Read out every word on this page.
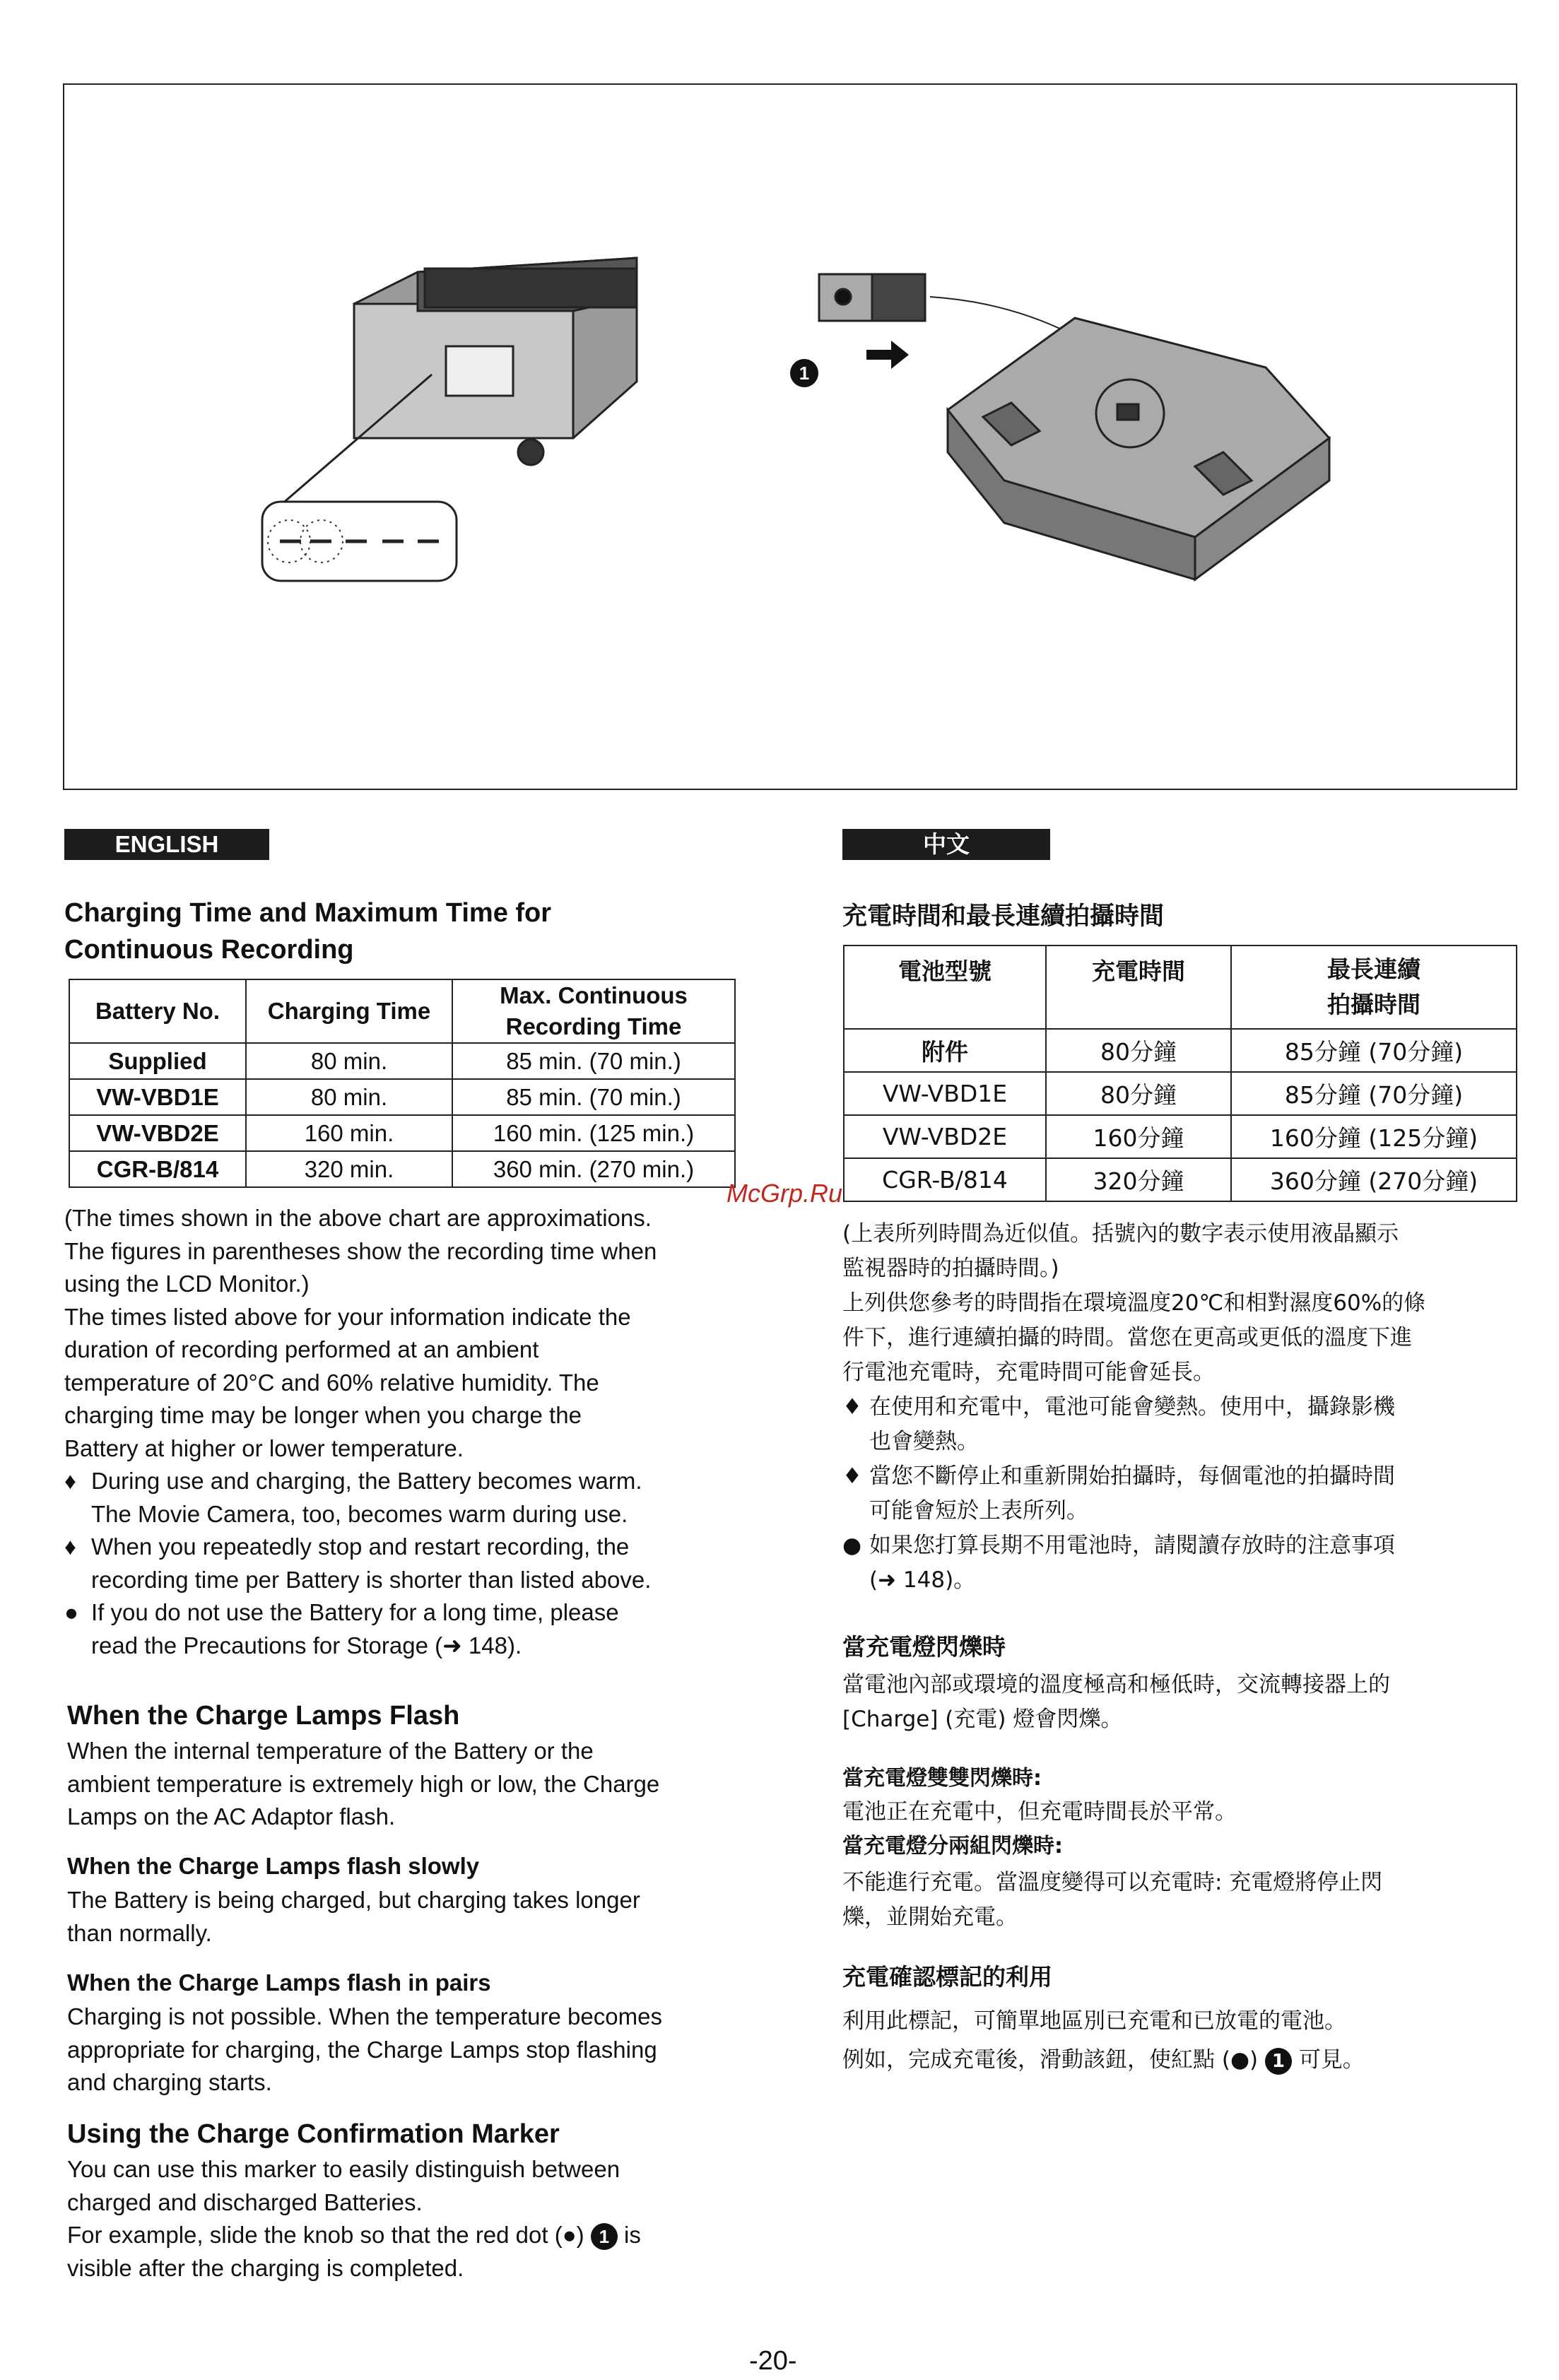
1
ENGLISH	中文
Charging Time and Maximum Time for
Continuous Recording
Battery No.	Charging Time	Max. Continuous
Recording Time

Supplied	80 min.	85 min. (70 min.)
VW-VBD1E	80 min.	85 min. (70 min.)
VW-VBD2E	160 min.	160 min. (125 min.)
CGR-B/814	320 min.	360 min. (270 min.)
McGrp.Ru
(The times shown in the above chart are approximations.
The figures in parentheses show the recording time when
using the LCD Monitor.)
The times listed above for your information indicate the
duration of recording performed at an ambient
temperature of 20°C and 60% relative humidity. The
charging time may be longer when you charge the
Battery at higher or lower temperature.
♦ During use and charging, the Battery becomes warm.
The Movie Camera, too, becomes warm during use.
♦ When you repeatedly stop and restart recording, the
recording time per Battery is shorter than listed above.
● If you do not use the Battery for a long time, please
read the Precautions for Storage (➜ 148).
When the Charge Lamps Flash
When the internal temperature of the Battery or the
ambient temperature is extremely high or low, the Charge
Lamps on the AC Adaptor flash.
When the Charge Lamps flash slowly
The Battery is being charged, but charging takes longer
than normally.
When the Charge Lamps flash in pairs
Charging is not possible. When the temperature becomes
appropriate for charging, the Charge Lamps stop flashing
and charging starts.
Using the Charge Confirmation Marker
You can use this marker to easily distinguish between
charged and discharged Batteries.
For example, slide the knob so that the red dot (●) 1 is
visible after the charging is completed.
充電時間和最長連續拍攝時間
電池型號	充電時間	最長連續
拍攝時間

附件	80分鐘	85分鐘 (70分鐘)
VW-VBD1E	80分鐘	85分鐘 (70分鐘)
VW-VBD2E	160分鐘	160分鐘 (125分鐘)
CGR-B/814	320分鐘	360分鐘 (270分鐘)
(上表所列時間為近似值。括號內的數字表示使用液晶顯示
監視器時的拍攝時間。)
上列供您參考的時間指在環境溫度20℃和相對濕度60%的條
件下，進行連續拍攝的時間。當您在更高或更低的溫度下進
行電池充電時，充電時間可能會延長。
♦ 在使用和充電中，電池可能會變熱。使用中，攝錄影機
也會變熱。
♦ 當您不斷停止和重新開始拍攝時，每個電池的拍攝時間
可能會短於上表所列。
● 如果您打算長期不用電池時，請閱讀存放時的注意事項
(➜ 148)。
當充電燈閃爍時
當電池內部或環境的溫度極高和極低時，交流轉接器上的
[Charge] (充電) 燈會閃爍。
當充電燈雙雙閃爍時:
電池正在充電中，但充電時間長於平常。
當充電燈分兩組閃爍時:
不能進行充電。當溫度變得可以充電時: 充電燈將停止閃
爍，並開始充電。
充電確認標記的利用
利用此標記，可簡單地區別已充電和已放電的電池。
例如，完成充電後，滑動該鈕，使紅點 (●) 1 可見。
-20-
